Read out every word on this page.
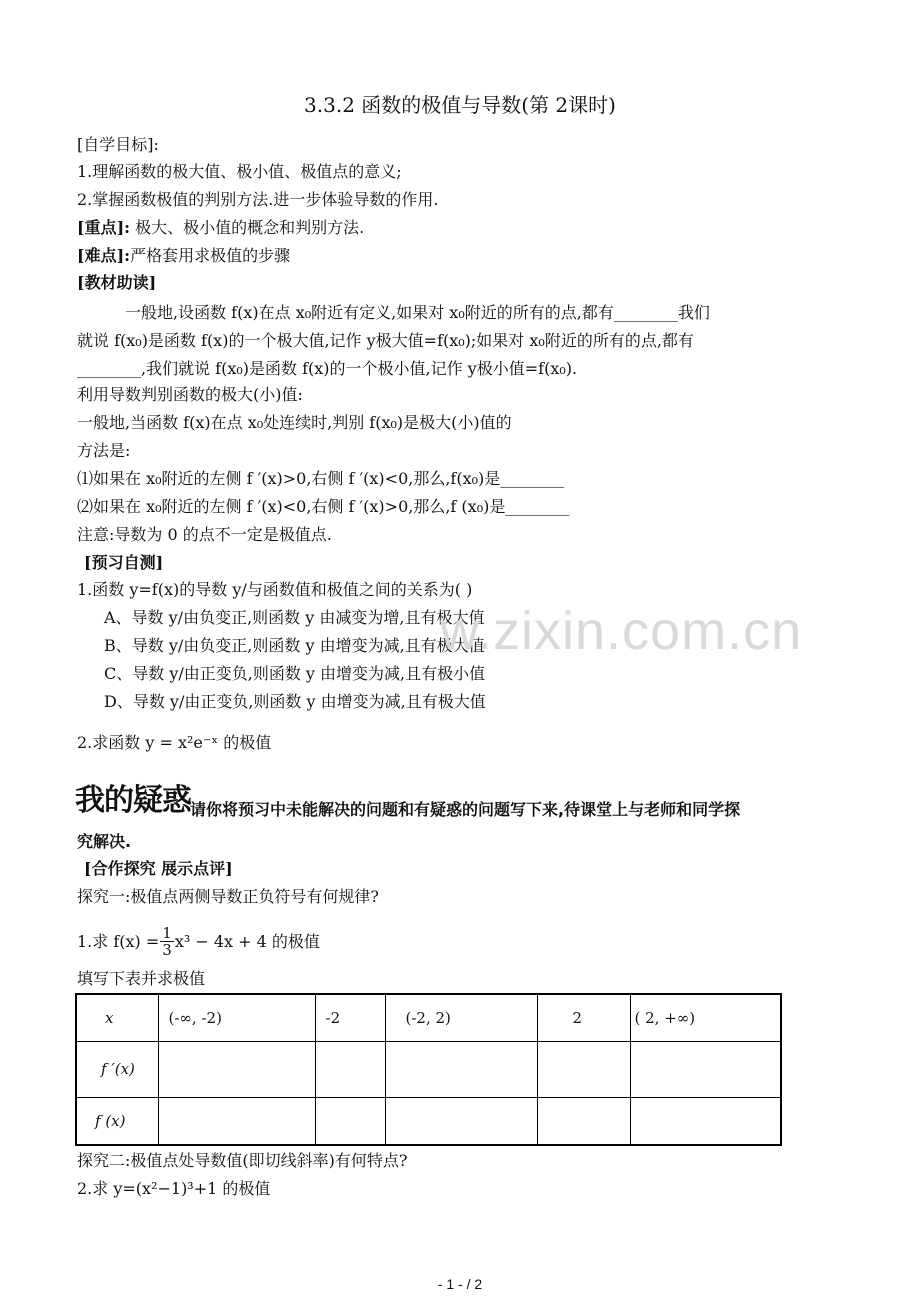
3.3.2 函数的极值与导数(第 2课时)
[自学目标]:
1.理解函数的极大值、极小值、极值点的意义;
2.掌握函数极值的判别方法.进一步体验导数的作用.
[重点]: 极大、极小值的概念和判别方法.
[难点]:严格套用求极值的步骤
[教材助读]
一般地,设函数 f(x)在点 x₀附近有定义,如果对 x₀附近的所有的点,都有________我们
就说 f(x₀)是函数 f(x)的一个极大值,记作 y极大值=f(x₀);如果对 x₀附近的所有的点,都有
________,我们就说 f(x₀)是函数 f(x)的一个极小值,记作 y极小值=f(x₀).
利用导数判别函数的极大(小)值:
一般地,当函数 f(x)在点 x₀处连续时,判别 f(x₀)是极大(小)值的
方法是:
⑴如果在 x₀附近的左侧 f ′(x)>0,右侧 f ′(x)<0,那么,f(x₀)是________
⑵如果在 x₀附近的左侧 f ′(x)<0,右侧 f ′(x)>0,那么,f (x₀)是________
注意:导数为 0 的点不一定是极值点.
[预习自测]
1.函数 y=f(x)的导数 y/与函数值和极值之间的关系为( )
A、导数 y/由负变正,则函数 y 由减变为增,且有极大值
B、导数 y/由负变正,则函数 y 由增变为减,且有极大值
C、导数 y/由正变负,则函数 y 由增变为减,且有极小值
D、导数 y/由正变负,则函数 y 由增变为减,且有极大值
2.求函数 y = x²e⁻ˣ 的极值
w.zixin.com.cn
我的疑惑 请你将预习中未能解决的问题和有疑惑的问题写下来,待课堂上与老师和同学探
究解决.
[合作探究 展示点评]
探究一:极值点两侧导数正负符号有何规律?
1.求 $f(x) = \frac{1}{3} x^3 - 4x + 4$ 的极值
填写下表并求极值
x	(-∞, -2)	-2	(-2, 2)	2	( 2, +∞)
f ′(x)					
f (x)					
探究二:极值点处导数值(即切线斜率)有何特点?
2.求 y=(x²−1)³+1 的极值
- 1 - / 2
